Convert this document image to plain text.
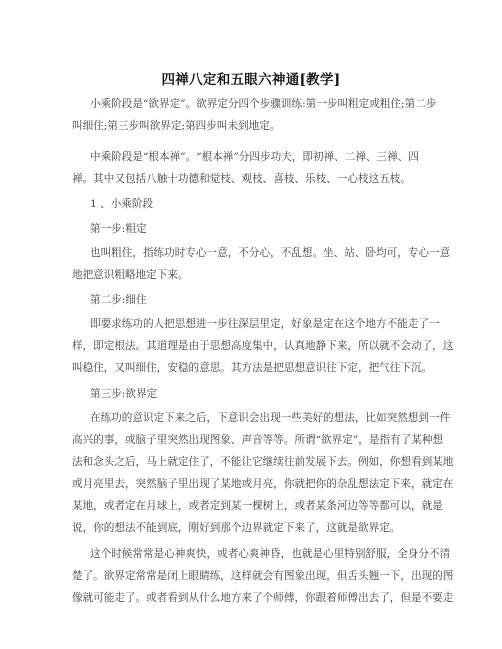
四禅八定和五眼六神通[教学]
小乘阶段是“欲界定”。欲界定分四个步骤训练:第一步叫粗定或粗住;第二步
叫细住;第三步叫欲界定;第四步叫未到地定。
中乘阶段是“根本禅”。“根本禅”分四步功夫，即初禅、二禅、三禅、四
禅。其中又包括八触十功德和觉枝、观枝、喜枝、乐枝、一心枝这五枝。
1 、小乘阶段
第一步:粗定
也叫粗住，指练功时专心一意，不分心，不乱想。坐、站、卧均可，专心一意
地把意识粗略地定下来。
第二步:细住
即要求练功的人把思想进一步往深层里定，好象是定在这个地方不能走了一
样，即定根法。其道理是由于思想高度集中，认真地静下来，所以就不会动了，这
叫稳住，又叫细住，安稳的意思。其方法是把思想意识往下定，把气往下沉。
第三步:欲界定
在练功的意识定下来之后，下意识会出现一些美好的想法，比如突然想到一件
高兴的事，或脑子里突然出现图象、声音等等。所谓“欲界定”，是指有了某种想
法和念头之后，马上就定住了，不能让它继续往前发展下去。例如，你想看到某地
或月亮里去，突然脑子里出现了某地或月亮，你就把你的杂乱想法定下来，就定在
某地，或者定在月球上，或者定到某一棵树上，或者某条河边等等都可以，就是
说，你的想法不能到底，刚好到那个边界就定下来了，这就是欲界定。
这个时候常常是心神爽快，或者心爽神昏，也就是心里特别舒服，全身分不清
楚了。欲界定常常是闭上眼睛练，这样就会有图象出现，但舌头翘一下，出现的图
像就可能走了。或者看到从什么地方来了个师傅，你跟着师傅出去了，但是不要走
